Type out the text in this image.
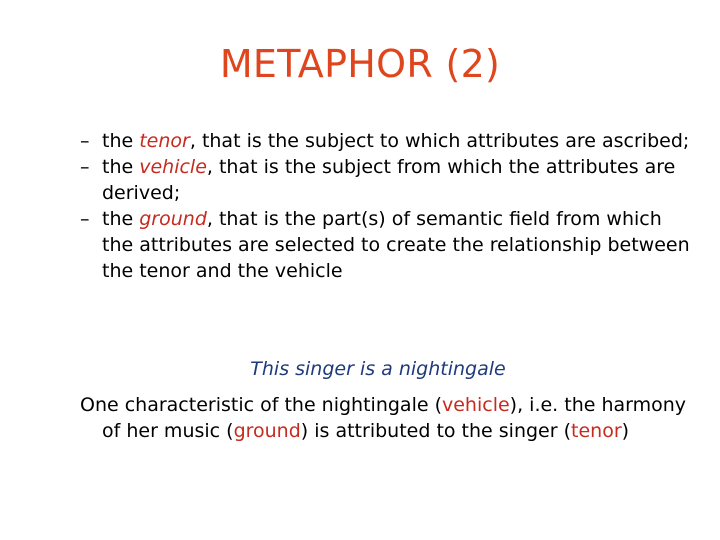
METAPHOR (2)
– the tenor, that is the subject to which attributes are ascribed;
– the vehicle, that is the subject from which the attributes are derived;
– the ground, that is the part(s) of semantic field from which the attributes are selected to create the relationship between the tenor and the vehicle
This singer is a nightingale
One characteristic of the nightingale (vehicle), i.e. the harmony of her music (ground) is attributed to the singer (tenor)
